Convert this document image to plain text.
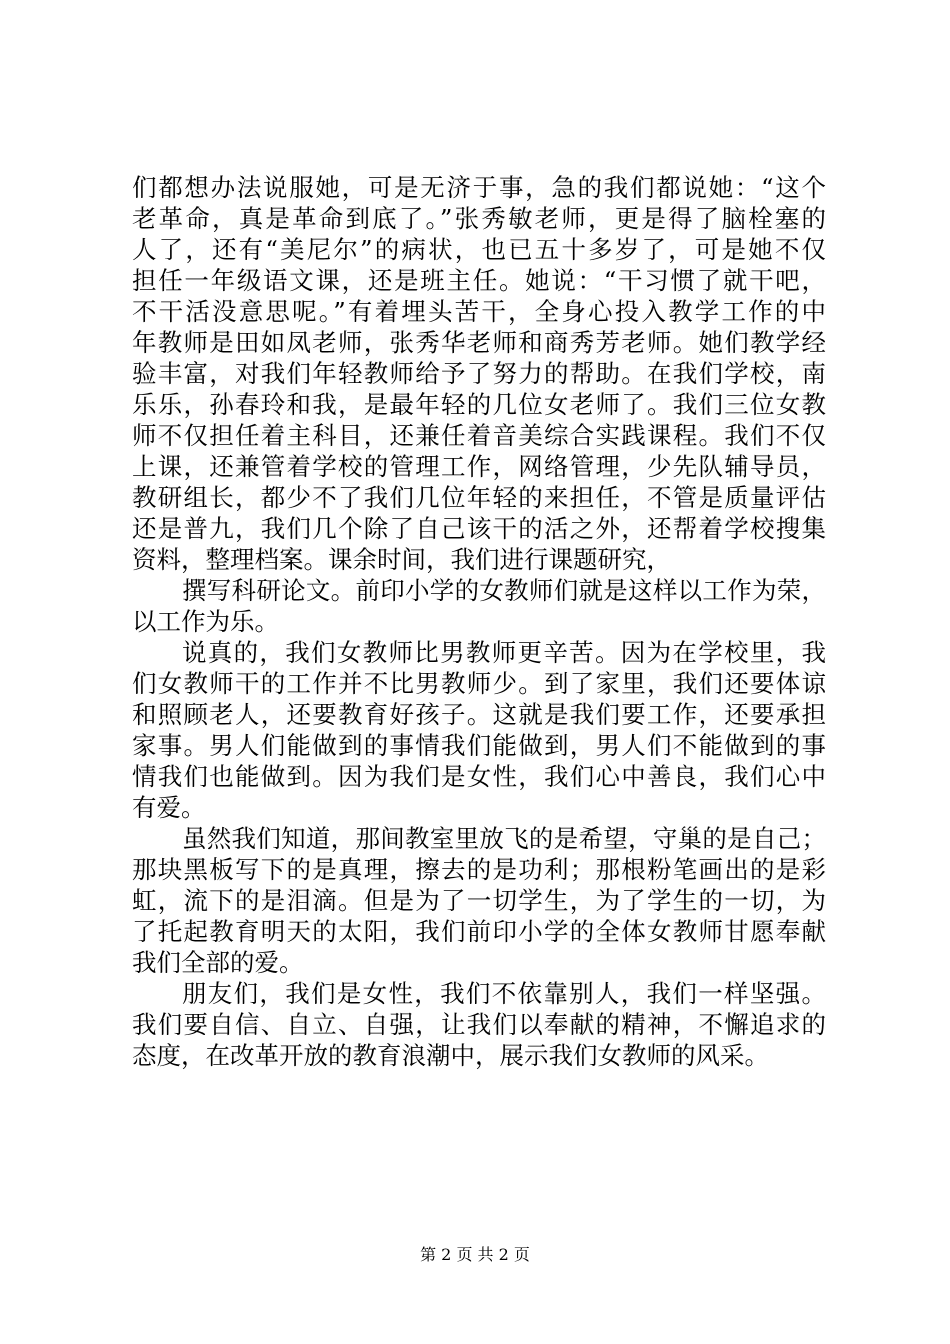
们都想办法说服她，可是无济于事，急的我们都说她：“这个
老革命，真是革命到底了。”张秀敏老师，更是得了脑栓塞的
人了，还有“美尼尔”的病状，也已五十多岁了，可是她不仅
担任一年级语文课，还是班主任。她说：“干习惯了就干吧，
不干活没意思呢。”有着埋头苦干，全身心投入教学工作的中
年教师是田如凤老师，张秀华老师和商秀芳老师。她们教学经
验丰富，对我们年轻教师给予了努力的帮助。在我们学校，南
乐乐，孙春玲和我，是最年轻的几位女老师了。我们三位女教
师不仅担任着主科目，还兼任着音美综合实践课程。我们不仅
上课，还兼管着学校的管理工作，网络管理，少先队辅导员，
教研组长，都少不了我们几位年轻的来担任，不管是质量评估
还是普九，我们几个除了自己该干的活之外，还帮着学校搜集
资料，整理档案。课余时间，我们进行课题研究，
撰写科研论文。前印小学的女教师们就是这样以工作为荣，
以工作为乐。
说真的，我们女教师比男教师更辛苦。因为在学校里，我
们女教师干的工作并不比男教师少。到了家里，我们还要体谅
和照顾老人，还要教育好孩子。这就是我们要工作，还要承担
家事。男人们能做到的事情我们能做到，男人们不能做到的事
情我们也能做到。因为我们是女性，我们心中善良，我们心中
有爱。
虽然我们知道，那间教室里放飞的是希望，守巢的是自己；
那块黑板写下的是真理，擦去的是功利；那根粉笔画出的是彩
虹，流下的是泪滴。但是为了一切学生，为了学生的一切，为
了托起教育明天的太阳，我们前印小学的全体女教师甘愿奉献
我们全部的爱。
朋友们，我们是女性，我们不依靠别人，我们一样坚强。
我们要自信、自立、自强，让我们以奉献的精神，不懈追求的
态度，在改革开放的教育浪潮中，展示我们女教师的风采。
第 2 页 共 2 页
